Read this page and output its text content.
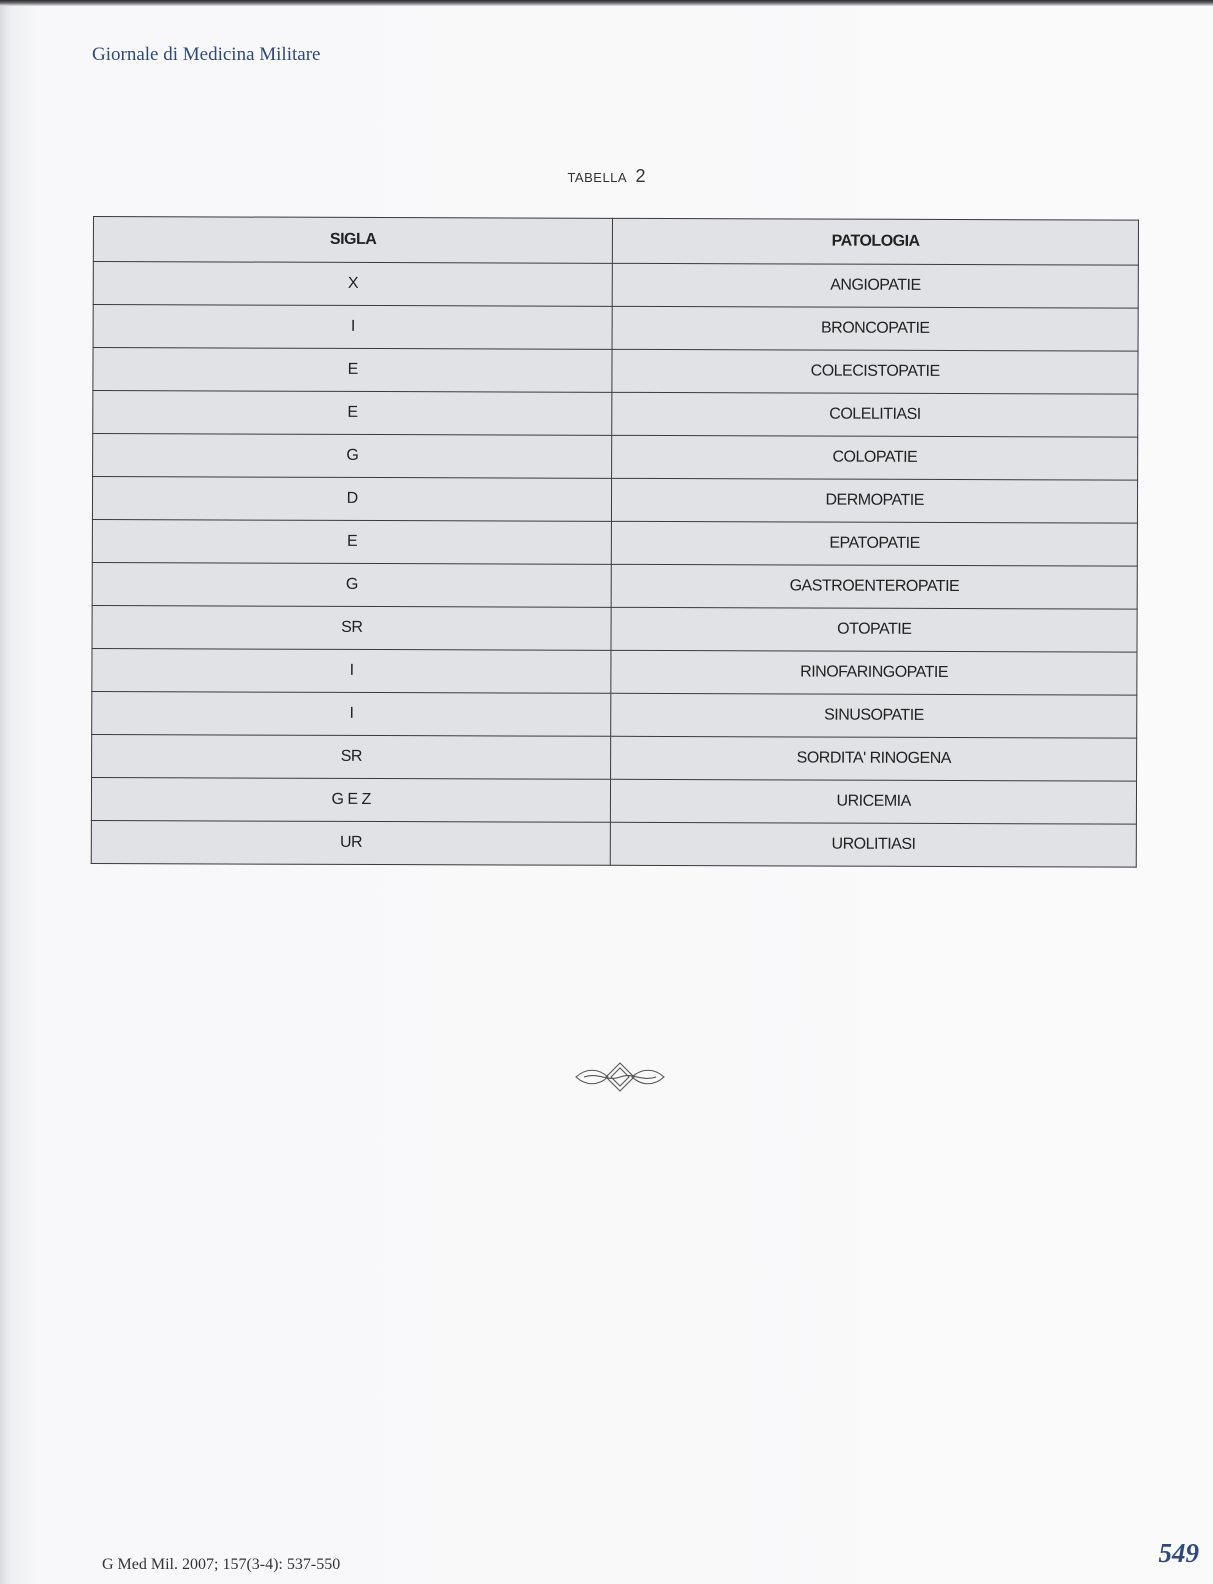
Giornale di Medicina Militare
TABELLA 2
SIGLA	PATOLOGIA
X	ANGIOPATIE
I	BRONCOPATIE
E	COLECISTOPATIE
E	COLELITIASI
G	COLOPATIE
D	DERMOPATIE
E	EPATOPATIE
G	GASTROENTEROPATIE
SR	OTOPATIE
I	RINOFARINGOPATIE
I	SINUSOPATIE
SR	SORDITA' RINOGENA
G E Z	URICEMIA
UR	UROLITIASI
G Med Mil. 2007; 157(3-4): 537-550	549
